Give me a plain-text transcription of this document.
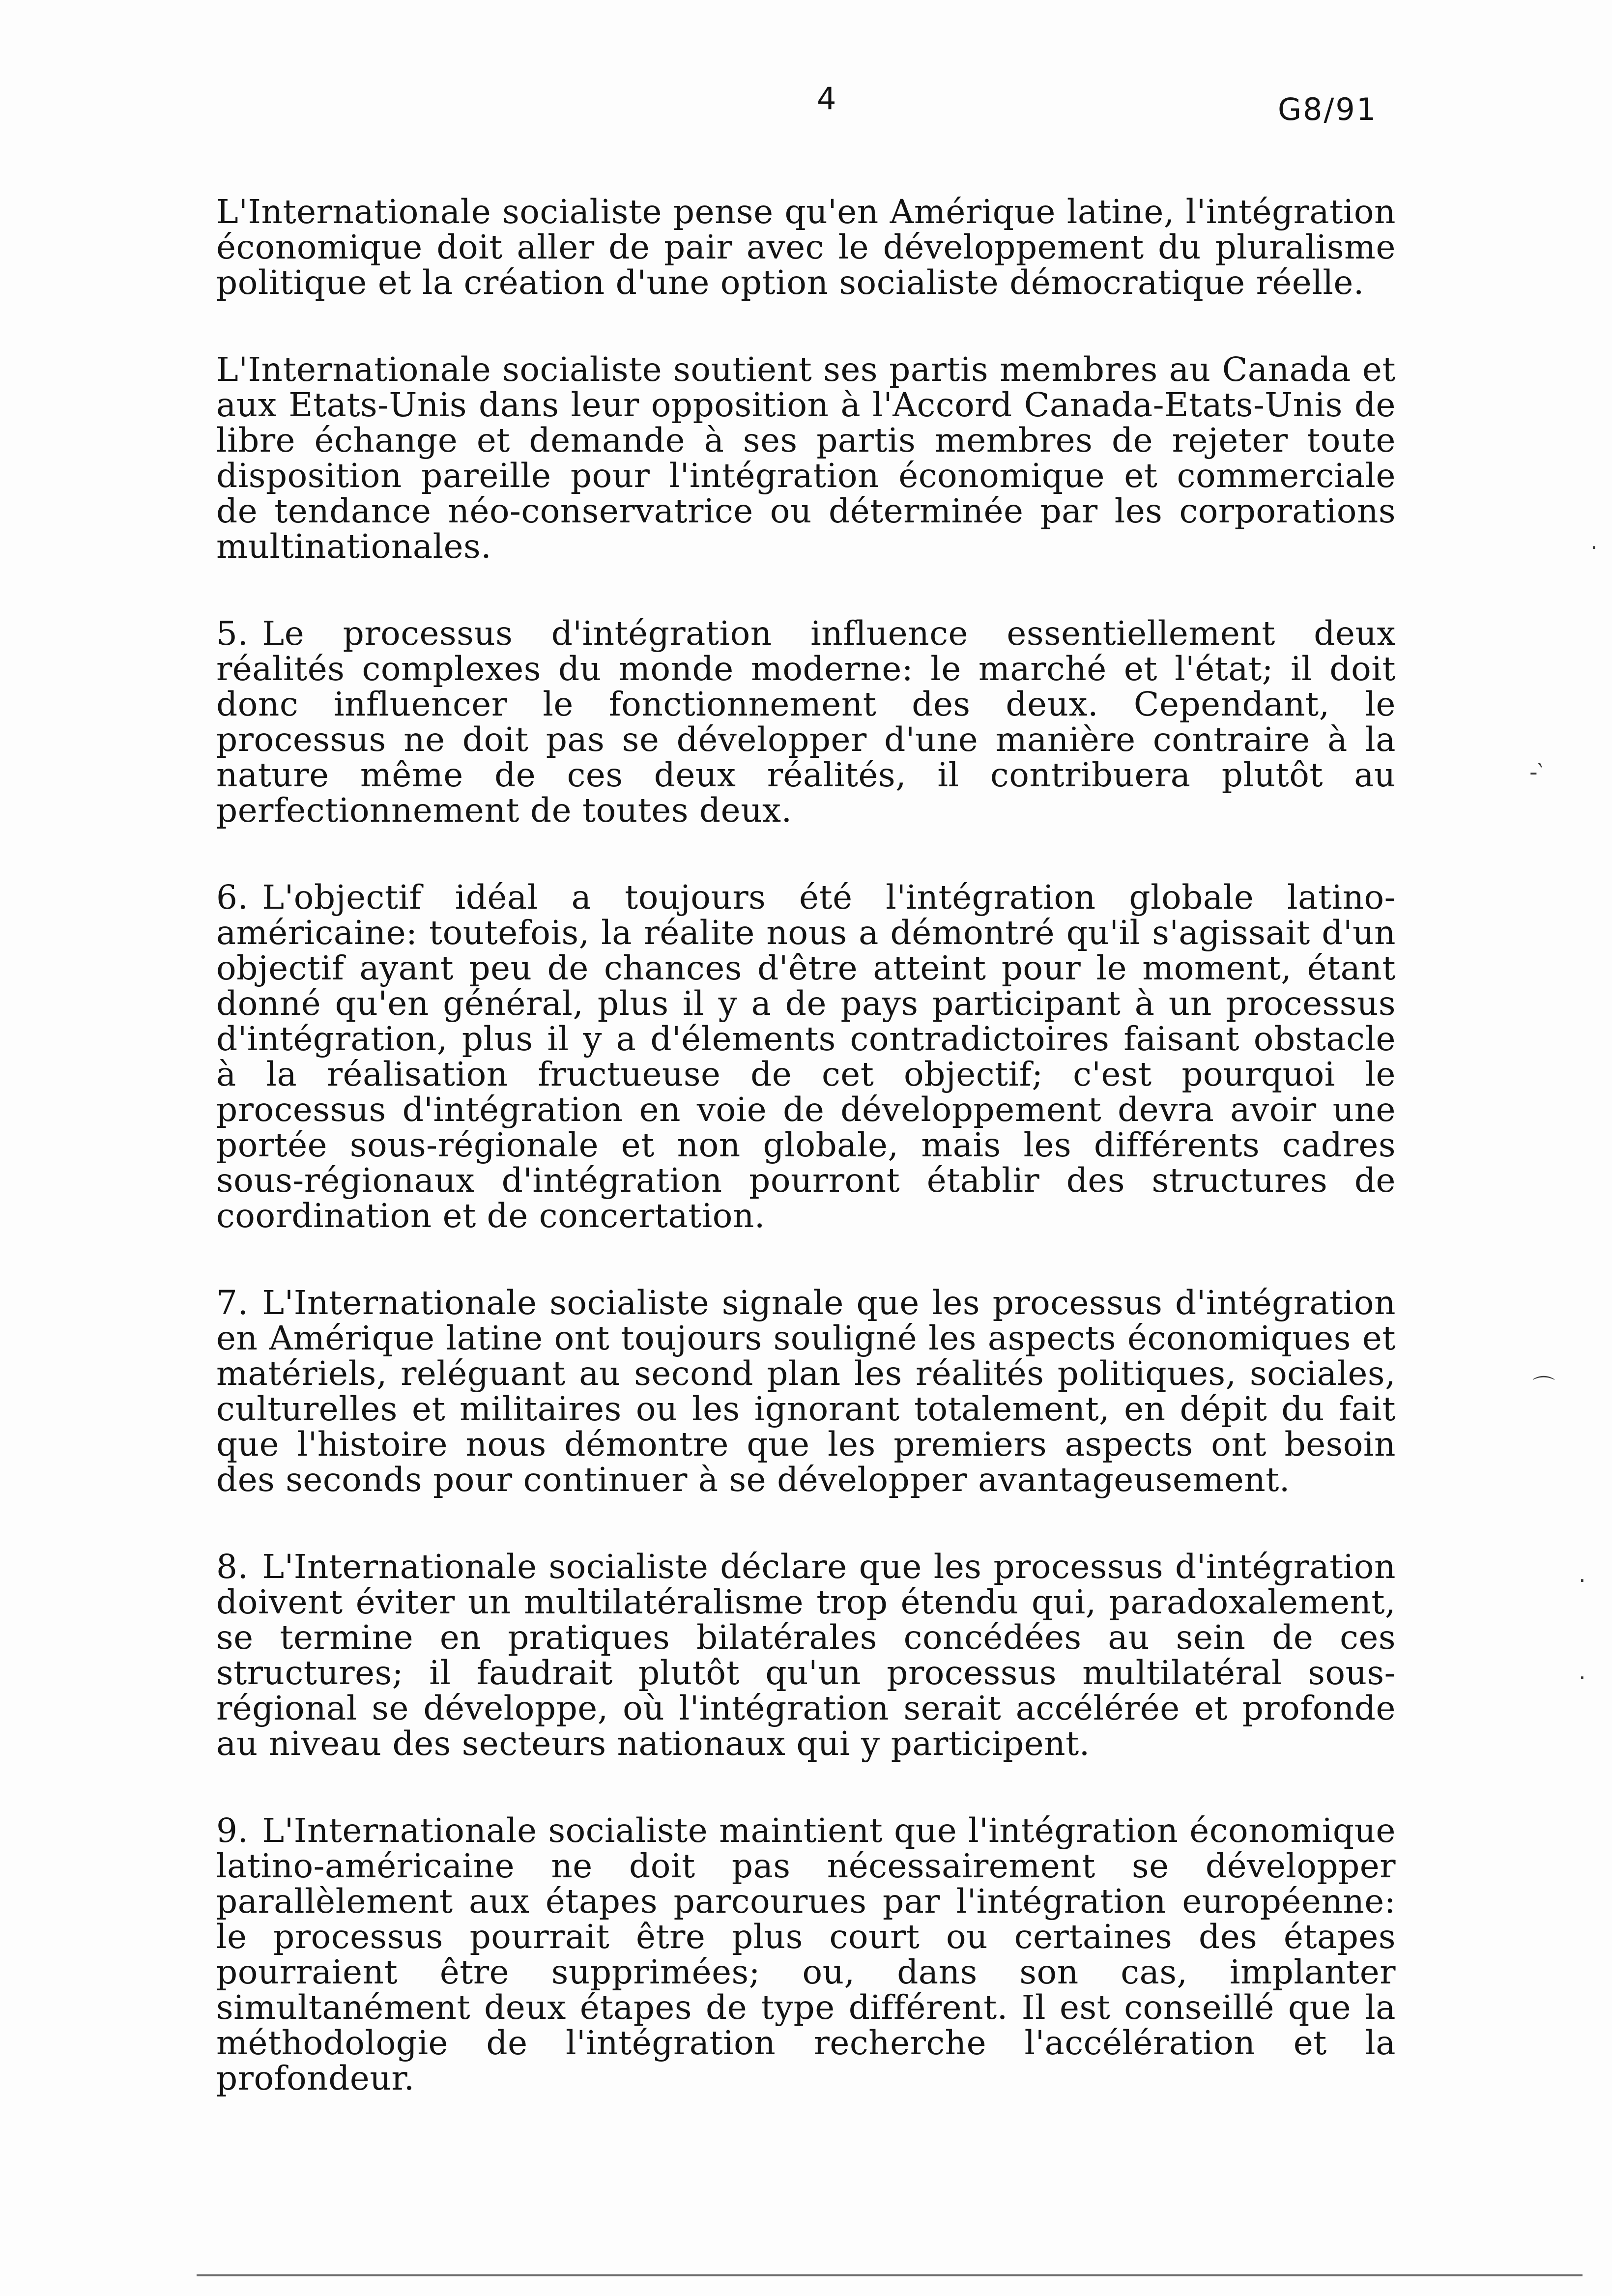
4	G8/91

L'Internationale socialiste pense qu'en Amérique latine, l'intégration économique doit aller de pair avec le développement du pluralisme politique et la création d'une option socialiste démocratique réelle.

L'Internationale socialiste soutient ses partis membres au Canada et aux Etats-Unis dans leur opposition à l'Accord Canada-Etats-Unis de libre échange et demande à ses partis membres de rejeter toute disposition pareille pour l'intégration économique et commerciale de tendance néo-conservatrice ou déterminée par les corporations multinationales.

5. Le processus d'intégration influence essentiellement deux réalités complexes du monde moderne: le marché et l'état; il doit donc influencer le fonctionnement des deux. Cependant, le processus ne doit pas se développer d'une manière contraire à la nature même de ces deux réalités, il contribuera plutôt au perfectionnement de toutes deux.

6. L'objectif idéal a toujours été l'intégration globale latino-américaine: toutefois, la réalite nous a démontré qu'il s'agissait d'un objectif ayant peu de chances d'être atteint pour le moment, étant donné qu'en général, plus il y a de pays participant à un processus d'intégration, plus il y a d'élements contradictoires faisant obstacle à la réalisation fructueuse de cet objectif; c'est pourquoi le processus d'intégration en voie de développement devra avoir une portée sous-régionale et non globale, mais les différents cadres sous-régionaux d'intégration pourront établir des structures de coordination et de concertation.

7. L'Internationale socialiste signale que les processus d'intégration en Amérique latine ont toujours souligné les aspects économiques et matériels, reléguant au second plan les réalités politiques, sociales, culturelles et militaires ou les ignorant totalement, en dépit du fait que l'histoire nous démontre que les premiers aspects ont besoin des seconds pour continuer à se développer avantageusement.

8. L'Internationale socialiste déclare que les processus d'intégration doivent éviter un multilatéralisme trop étendu qui, paradoxalement, se termine en pratiques bilatérales concédées au sein de ces structures; il faudrait plutôt qu'un processus multilatéral sous-régional se développe, où l'intégration serait accélérée et profonde au niveau des secteurs nationaux qui y participent.

9. L'Internationale socialiste maintient que l'intégration économique latino-américaine ne doit pas nécessairement se développer parallèlement aux étapes parcourues par l'intégration européenne: le processus pourrait être plus court ou certaines des étapes pourraient être supprimées; ou, dans son cas, implanter simultanément deux étapes de type différent. Il est conseillé que la méthodologie de l'intégration recherche l'accélération et la profondeur.

.
-‵
⌒
.
.
